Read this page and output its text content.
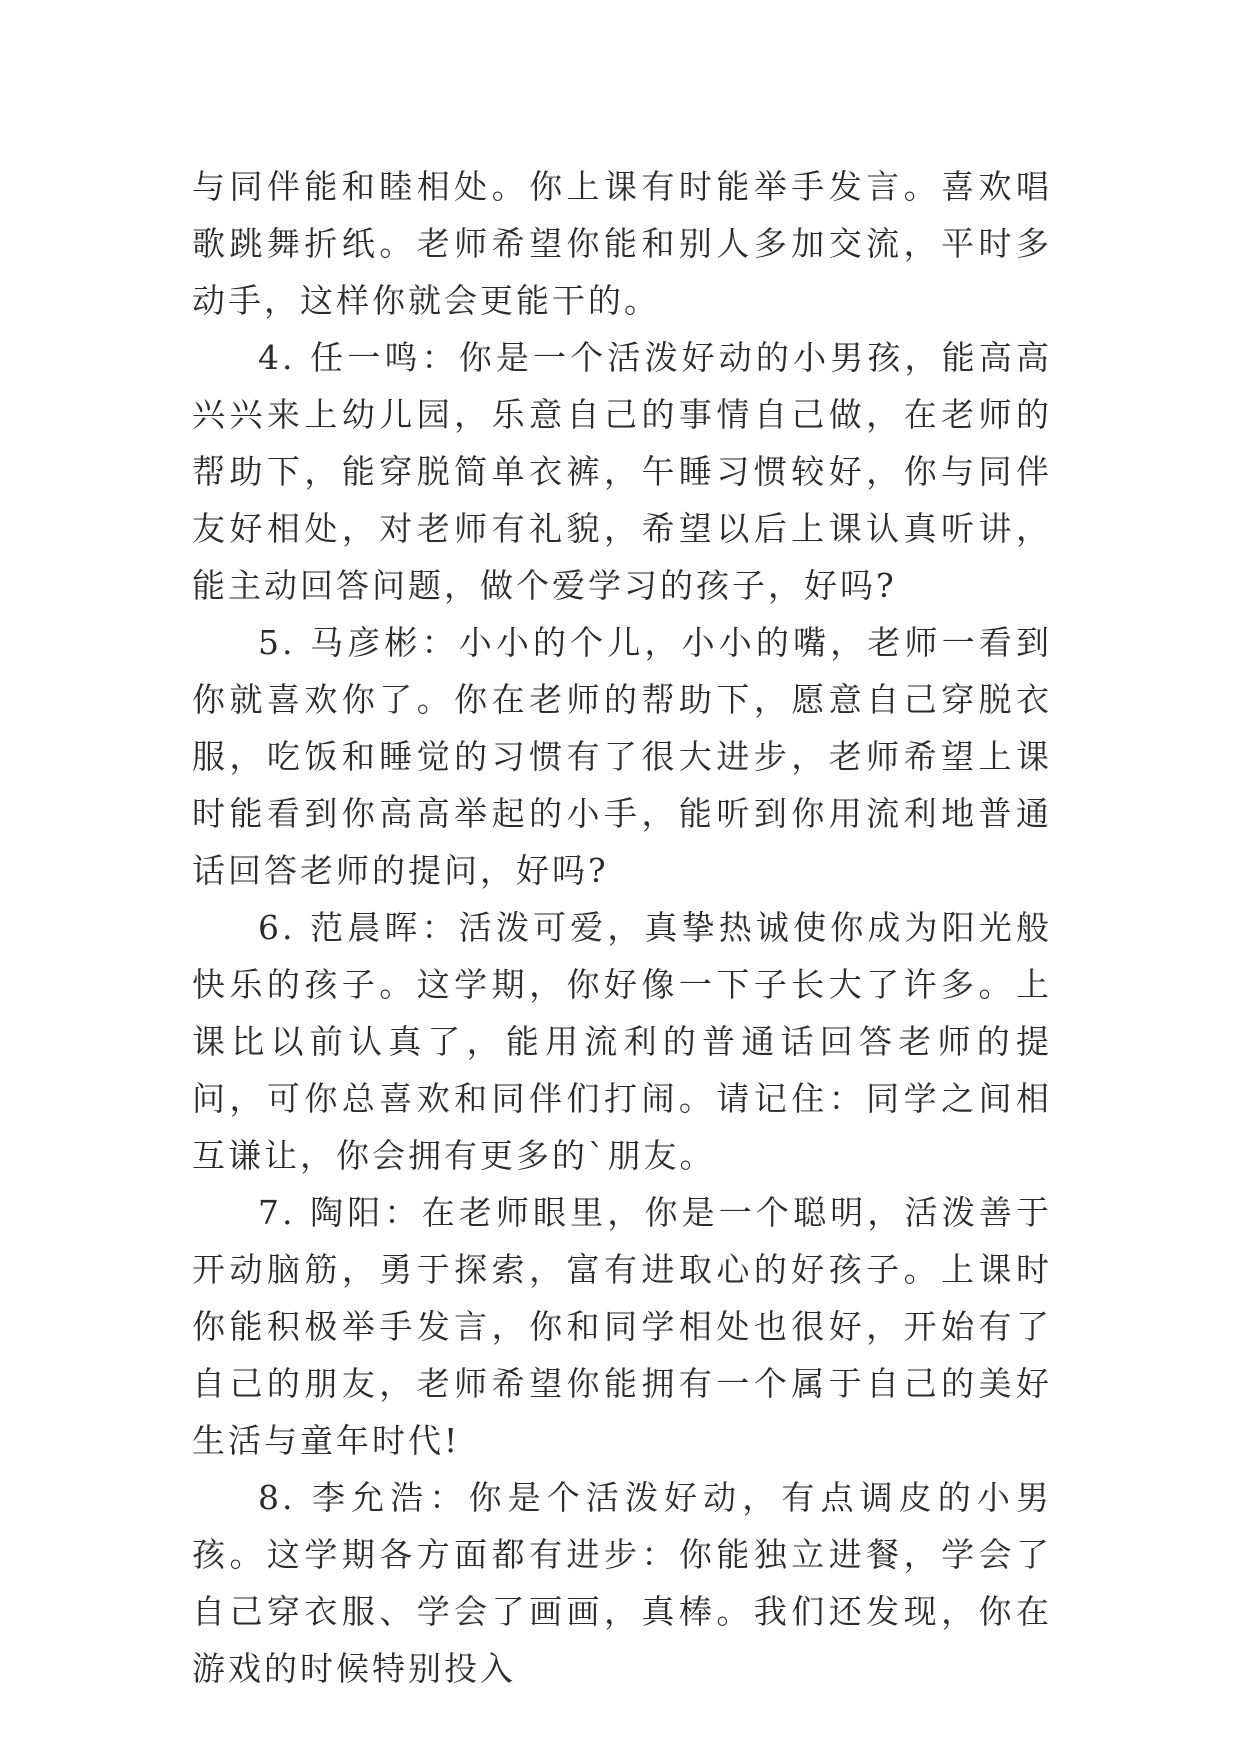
与同伴能和睦相处。你上课有时能举手发言。喜欢唱歌跳舞折纸。老师希望你能和别人多加交流，平时多动手，这样你就会更能干的。

4. 任一鸣：你是一个活泼好动的小男孩，能高高兴兴来上幼儿园，乐意自己的事情自己做，在老师的帮助下，能穿脱简单衣裤，午睡习惯较好，你与同伴友好相处，对老师有礼貌，希望以后上课认真听讲，能主动回答问题，做个爱学习的孩子，好吗?

5. 马彦彬：小小的个儿，小小的嘴，老师一看到你就喜欢你了。你在老师的帮助下，愿意自己穿脱衣服，吃饭和睡觉的习惯有了很大进步，老师希望上课时能看到你高高举起的小手，能听到你用流利地普通话回答老师的提问，好吗?

6. 范晨晖：活泼可爱，真挚热诚使你成为阳光般快乐的孩子。这学期，你好像一下子长大了许多。上课比以前认真了，能用流利的普通话回答老师的提问，可你总喜欢和同伴们打闹。请记住：同学之间相互谦让，你会拥有更多的`朋友。

7. 陶阳：在老师眼里，你是一个聪明，活泼善于开动脑筋，勇于探索，富有进取心的好孩子。上课时你能积极举手发言，你和同学相处也很好，开始有了自己的朋友，老师希望你能拥有一个属于自己的美好生活与童年时代!

8. 李允浩：你是个活泼好动，有点调皮的小男孩。这学期各方面都有进步：你能独立进餐，学会了自己穿衣服、学会了画画，真棒。我们还发现，你在游戏的时候特别投入
